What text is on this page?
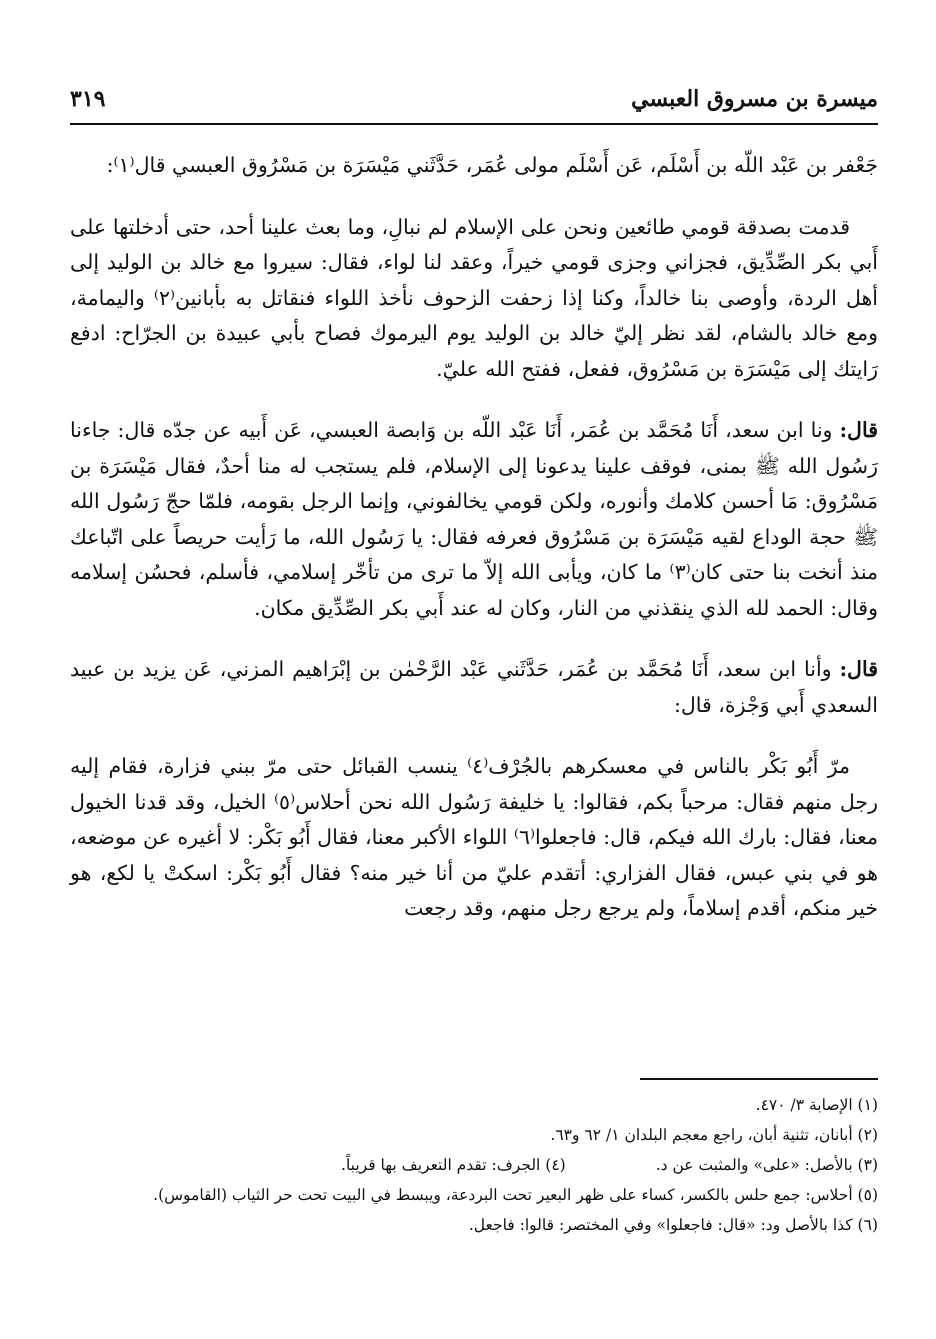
ميسرة بن مسروق العبسي
٣١٩

جَعْفر بن عَبْد اللّه بن أَسْلَم، عَن أَسْلَم مولى عُمَر، حَدَّثَني مَيْسَرَة بن مَسْرُوق العبسي قال⁽١⁾:

قدمت بصدقة قومي طائعين ونحن على الإسلام لم نبالِ، وما بعث علينا أحد، حتى أدخلتها على أَبي بكر الصِّدِّيق، فجزاني وجزى قومي خيراً، وعقد لنا لواء، فقال: سيروا مع خالد بن الوليد إلى أهل الردة، وأوصى بنا خالداً، وكنا إذا زحفت الزحوف نأخذ اللواء فنقاتل به بأبانين⁽٢⁾ واليمامة، ومع خالد بالشام، لقد نظر إليّ خالد بن الوليد يوم اليرموك فصاح بأبي عبيدة بن الجرّاح: ادفع رَايتك إلى مَيْسَرَة بن مَسْرُوق، ففعل، ففتح الله عليّ.

قال: ونا ابن سعد، أَنَا مُحَمَّد بن عُمَر، أَنَا عَبْد اللّه بن وَابصة العبسي، عَن أَبيه عن جدّه قال: جاءنا رَسُول الله ﷺ بمنى، فوقف علينا يدعونا إلى الإسلام، فلم يستجب له منا أحدٌ، فقال مَيْسَرَة بن مَسْرُوق: مَا أحسن كلامك وأنوره، ولكن قومي يخالفوني، وإنما الرجل بقومه، فلمّا حجّ رَسُول الله ﷺ حجة الوداع لقيه مَيْسَرَة بن مَسْرُوق فعرفه فقال: يا رَسُول الله، ما رَأيت حريصاً على اتّباعك منذ أنخت بنا حتى كان⁽٣⁾ ما كان، ويأبى الله إلاّ ما ترى من تأخّر إسلامي، فأسلم، فحسُن إسلامه وقال: الحمد لله الذي ينقذني من النار، وكان له عند أَبي بكر الصِّدِّيق مكان.

قال: وأنا ابن سعد، أَنَا مُحَمَّد بن عُمَر، حَدَّثَني عَبْد الرَّحْمٰن بن إبْرَاهيم المزني، عَن يزيد بن عبيد السعدي أَبي وَجْزة، قال:

مرّ أَبُو بَكْر بالناس في معسكرهم بالجُرْف⁽٤⁾ ينسب القبائل حتى مرّ ببني فزارة، فقام إليه رجل منهم فقال: مرحباً بكم، فقالوا: يا خليفة رَسُول الله نحن أحلاس⁽٥⁾ الخيل، وقد قدنا الخيول معنا، فقال: بارك الله فيكم، قال: فاجعلوا⁽٦⁾ اللواء الأكبر معنا، فقال أَبُو بَكْر: لا أغيره عن موضعه، هو في بني عبس، فقال الفزاري: أتقدم عليّ من أنا خير منه؟ فقال أَبُو بَكْر: اسكتْ يا لكع، هو خير منكم، أقدم إسلاماً، ولم يرجع رجل منهم، وقد رجعت

(١) الإصابة ٣/ ٤٧٠.

(٢) أبانان، تثنية أبان، راجع معجم البلدان ١/ ٦٢ و٦٣.

(٣) بالأصل: «على» والمثبت عن د.

(٤) الجرف: تقدم التعريف بها قريباً.

(٥) أحلاس: جمع حلس بالكسر، كساء على ظهر البعير تحت البردعة، ويبسط في البيت تحت حر الثياب (القاموس).

(٦) كذا بالأصل ود: «قال: فاجعلوا» وفي المختصر: قالوا: فاجعل.
